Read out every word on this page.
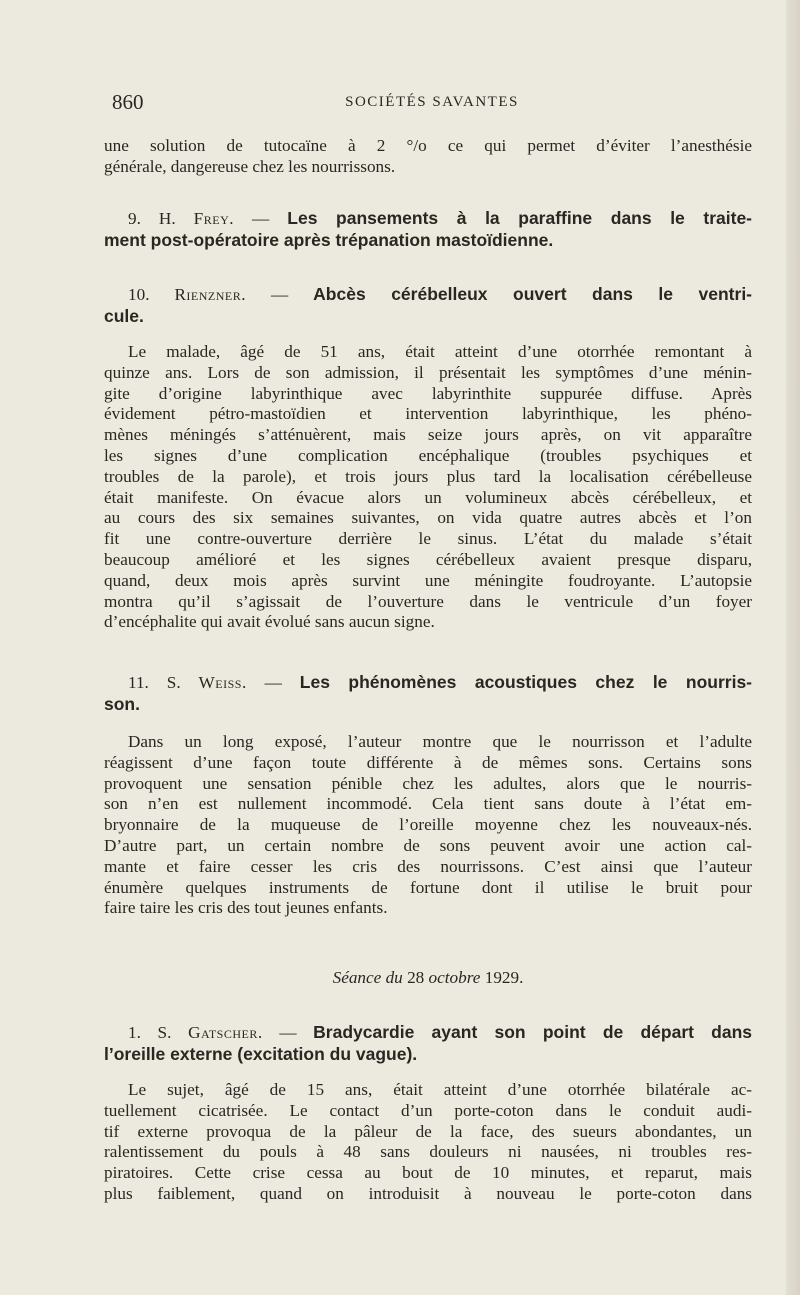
860	SOCIÉTÉS SAVANTES

une solution de tutocaïne à 2 °/o ce qui permet d’éviter l’anesthésie

générale, dangereuse chez les nourrissons.

9. H. Frey. — Les pansements à la paraffine dans le traite-

ment post-opératoire après trépanation mastoïdienne.

10. Rienzner. — Abcès cérébelleux ouvert dans le ventri-

cule.

Le malade, âgé de 51 ans, était atteint d’une otorrhée remontant à

quinze ans. Lors de son admission, il présentait les symptômes d’une ménin-

gite d’origine labyrinthique avec labyrinthite suppurée diffuse. Après

évidement pétro-mastoïdien et intervention labyrinthique, les phéno-

mènes méningés s’atténuèrent, mais seize jours après, on vit apparaître

les signes d’une complication encéphalique (troubles psychiques et

troubles de la parole), et trois jours plus tard la localisation cérébelleuse

était manifeste. On évacue alors un volumineux abcès cérébelleux, et

au cours des six semaines suivantes, on vida quatre autres abcès et l’on

fit une contre-ouverture derrière le sinus. L’état du malade s’était

beaucoup amélioré et les signes cérébelleux avaient presque disparu,

quand, deux mois après survint une méningite foudroyante. L’autopsie

montra qu’il s’agissait de l’ouverture dans le ventricule d’un foyer

d’encéphalite qui avait évolué sans aucun signe.

11. S. Weiss. — Les phénomènes acoustiques chez le nourris-

son.

Dans un long exposé, l’auteur montre que le nourrisson et l’adulte

réagissent d’une façon toute différente à de mêmes sons. Certains sons

provoquent une sensation pénible chez les adultes, alors que le nourris-

son n’en est nullement incommodé. Cela tient sans doute à l’état em-

bryonnaire de la muqueuse de l’oreille moyenne chez les nouveaux-nés.

D’autre part, un certain nombre de sons peuvent avoir une action cal-

mante et faire cesser les cris des nourrissons. C’est ainsi que l’auteur

énumère quelques instruments de fortune dont il utilise le bruit pour

faire taire les cris des tout jeunes enfants.

Séance du 28 octobre 1929.

1. S. Gatscher. — Bradycardie ayant son point de départ dans

l’oreille externe (excitation du vague).

Le sujet, âgé de 15 ans, était atteint d’une otorrhée bilatérale ac-

tuellement cicatrisée. Le contact d’un porte-coton dans le conduit audi-

tif externe provoqua de la pâleur de la face, des sueurs abondantes, un

ralentissement du pouls à 48 sans douleurs ni nausées, ni troubles res-

piratoires. Cette crise cessa au bout de 10 minutes, et reparut, mais

plus faiblement, quand on introduisit à nouveau le porte-coton dans
